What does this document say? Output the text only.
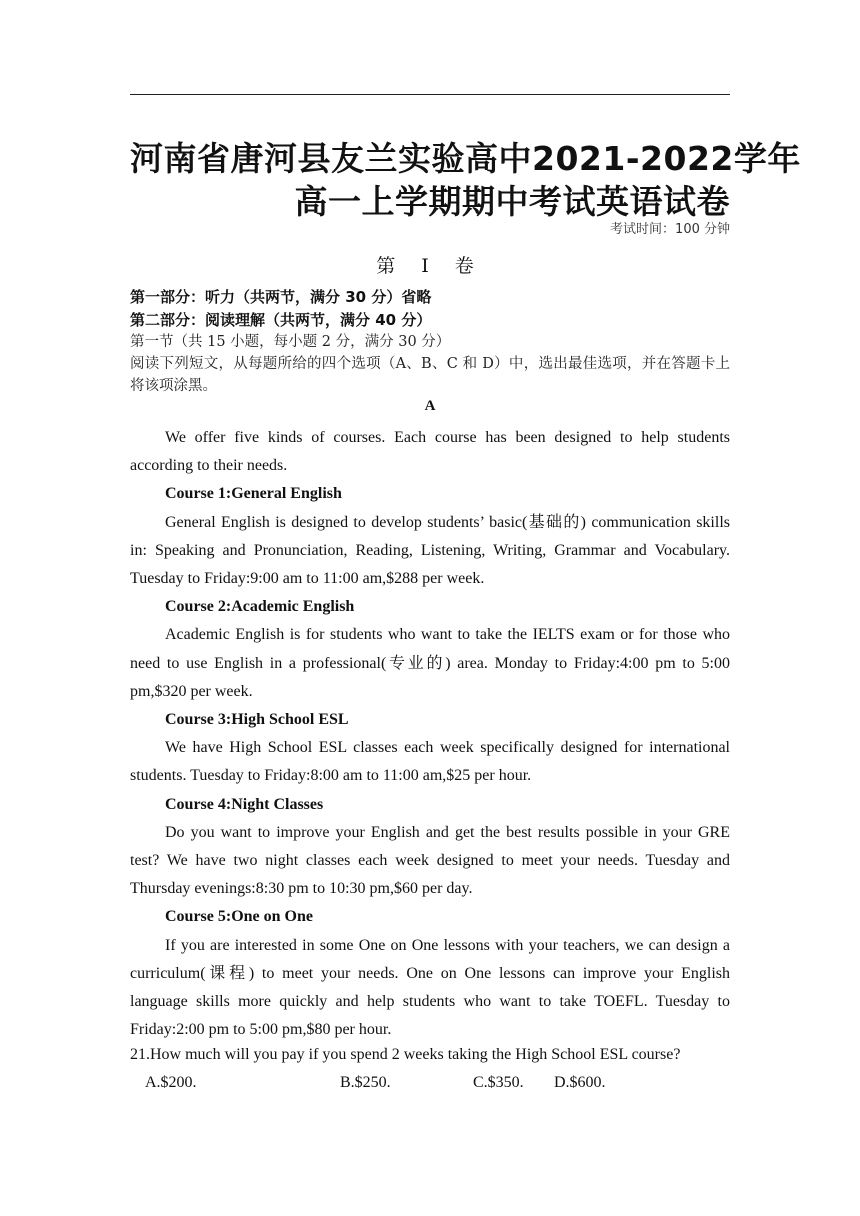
河南省唐河县友兰实验高中2021-2022学年
高一上学期期中考试英语试卷
考试时间：100 分钟
第 Ⅰ 卷
第一部分：听力（共两节，满分 30 分）省略
第二部分：阅读理解（共两节，满分 40 分）
第一节（共 15 小题，每小题 2 分，满分 30 分）
阅读下列短文，从每题所给的四个选项（A、B、C 和 D）中，选出最佳选项，并在答题卡上将该项涂黑。
A

We offer five kinds of courses. Each course has been designed to help students according to their needs.

Course 1:General English

General English is designed to develop students’ basic(基础的) communication skills in: Speaking and Pronunciation, Reading, Listening, Writing, Grammar and Vocabulary. Tuesday to Friday:9:00 am to 11:00 am,$288 per week.

Course 2:Academic English

Academic English is for students who want to take the IELTS exam or for those who need to use English in a professional(专业的) area. Monday to Friday:4:00 pm to 5:00 pm,$320 per week.

Course 3:High School ESL

We have High School ESL classes each week specifically designed for international students. Tuesday to Friday:8:00 am to 11:00 am,$25 per hour.

Course 4:Night Classes

Do you want to improve your English and get the best results possible in your GRE test? We have two night classes each week designed to meet your needs. Tuesday and Thursday evenings:8:30 pm to 10:30 pm,$60 per day.

Course 5:One on One

If you are interested in some One on One lessons with your teachers, we can design a curriculum(课程) to meet your needs. One on One lessons can improve your English language skills more quickly and help students who want to take TOEFL. Tuesday to Friday:2:00 pm to 5:00 pm,$80 per hour.

21.How much will you pay if you spend 2 weeks taking the High School ESL course?
A.$200.	B.$250.	C.$350. D.$600.
